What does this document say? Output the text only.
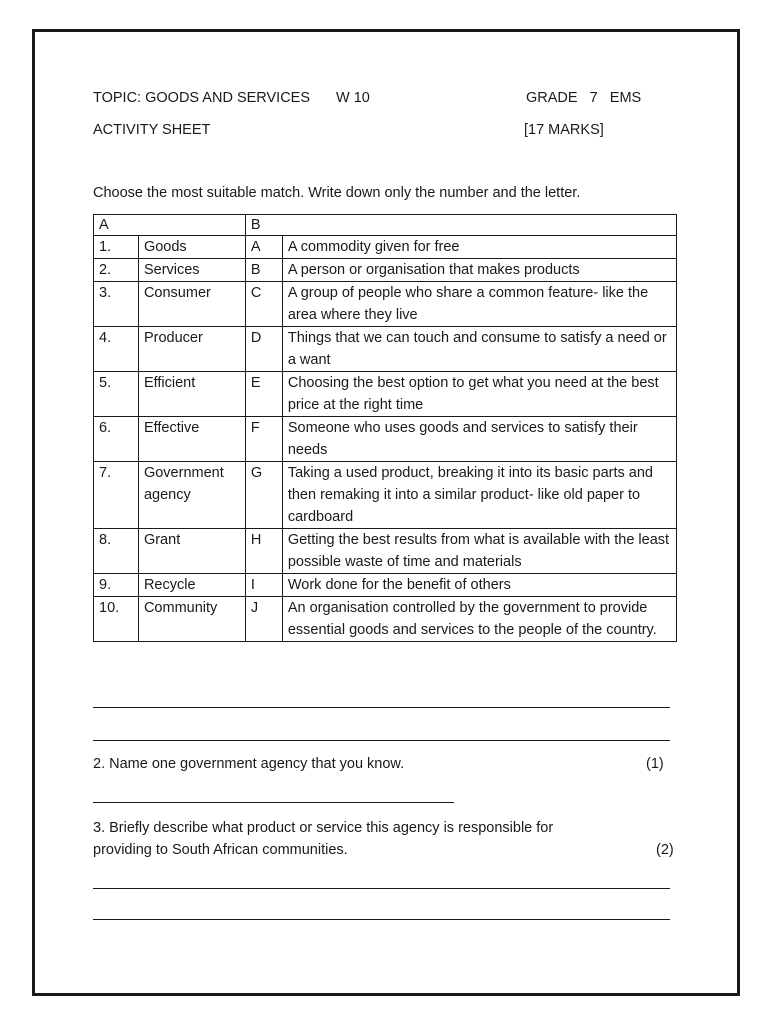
TOPIC: GOODS AND SERVICES W 10	GRADE   7   EMS
ACTIVITY SHEET	[17 MARKS]
Choose the most suitable match. Write down only the number and the letter.
A		B	
1.	Goods	A	A commodity given for free
2.	Services	B	A person or organisation that makes products
3.	Consumer	C	A group of people who share a common feature- like the area where they live
4.	Producer	D	Things that we can touch and consume to satisfy a need or a want
5.	Efficient	E	Choosing the best option to get what you need at the best price at the right time
6.	Effective	F	Someone who uses goods and services to satisfy their needs
7.	Government agency	G	Taking a used product, breaking it into its basic parts and then remaking it into a similar product- like old paper to cardboard
8.	Grant	H	Getting the best results from what is available with the least possible waste of time and materials
9.	Recycle	I	Work done for the benefit of others
10.	Community	J	An organisation controlled by the government to provide essential goods and services to the people of the country.
2. Name one government agency that you know.	(1)
3. Briefly describe what product or service this agency is responsible for
providing to South African communities.	(2)
